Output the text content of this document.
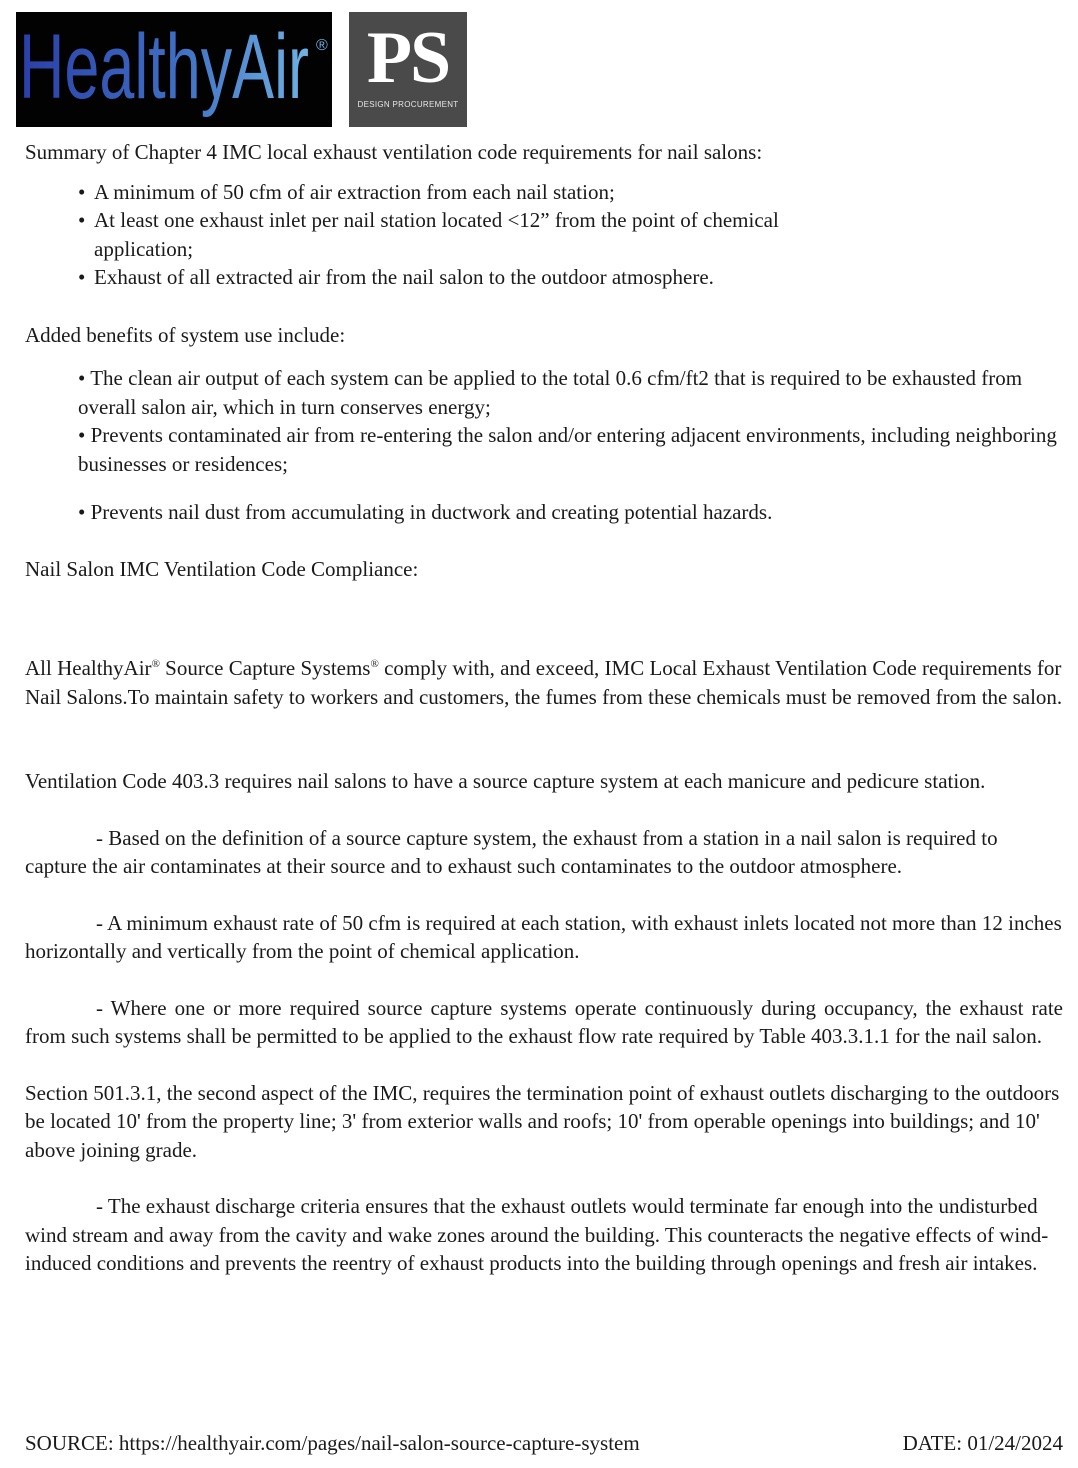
HealthyAir ® PS
DESIGN PROCUREMENT

Summary of Chapter 4 IMC local exhaust ventilation code requirements for nail salons:

• A minimum of 50 cfm of air extraction from each nail station;
• At least one exhaust inlet per nail station located <12” from the point of chemical application;
• Exhaust of all extracted air from the nail salon to the outdoor atmosphere.

Added benefits of system use include:

• The clean air output of each system can be applied to the total 0.6 cfm/ft2 that is required to be exhausted from overall salon air, which in turn conserves energy;
• Prevents contaminated air from re-entering the salon and/or entering adjacent environments, including neighboring businesses or residences;
• Prevents nail dust from accumulating in ductwork and creating potential hazards.

Nail Salon IMC Ventilation Code Compliance:

All HealthyAir® Source Capture Systems® comply with, and exceed, IMC Local Exhaust Ventilation Code requirements for Nail Salons.To maintain safety to workers and customers, the fumes from these chemicals must be removed from the salon.

Ventilation Code 403.3 requires nail salons to have a source capture system at each manicure and pedicure station.

- Based on the definition of a source capture system, the exhaust from a station in a nail salon is required to capture the air contaminates at their source and to exhaust such contaminates to the outdoor atmosphere.

- A minimum exhaust rate of 50 cfm is required at each station, with exhaust inlets located not more than 12 inches horizontally and vertically from the point of chemical application.

- Where one or more required source capture systems operate continuously during occupancy, the exhaust rate from such systems shall be permitted to be applied to the exhaust flow rate required by Table 403.3.1.1 for the nail salon.

Section 501.3.1, the second aspect of the IMC, requires the termination point of exhaust outlets discharging to the outdoors be located 10' from the property line; 3' from exterior walls and roofs; 10' from operable openings into buildings; and 10' above joining grade.

- The exhaust discharge criteria ensures that the exhaust outlets would terminate far enough into the undisturbed wind stream and away from the cavity and wake zones around the building. This counteracts the negative effects of wind-induced conditions and prevents the reentry of exhaust products into the building through openings and fresh air intakes.

SOURCE: https://healthyair.com/pages/nail-salon-source-capture-system	DATE: 01/24/2024
